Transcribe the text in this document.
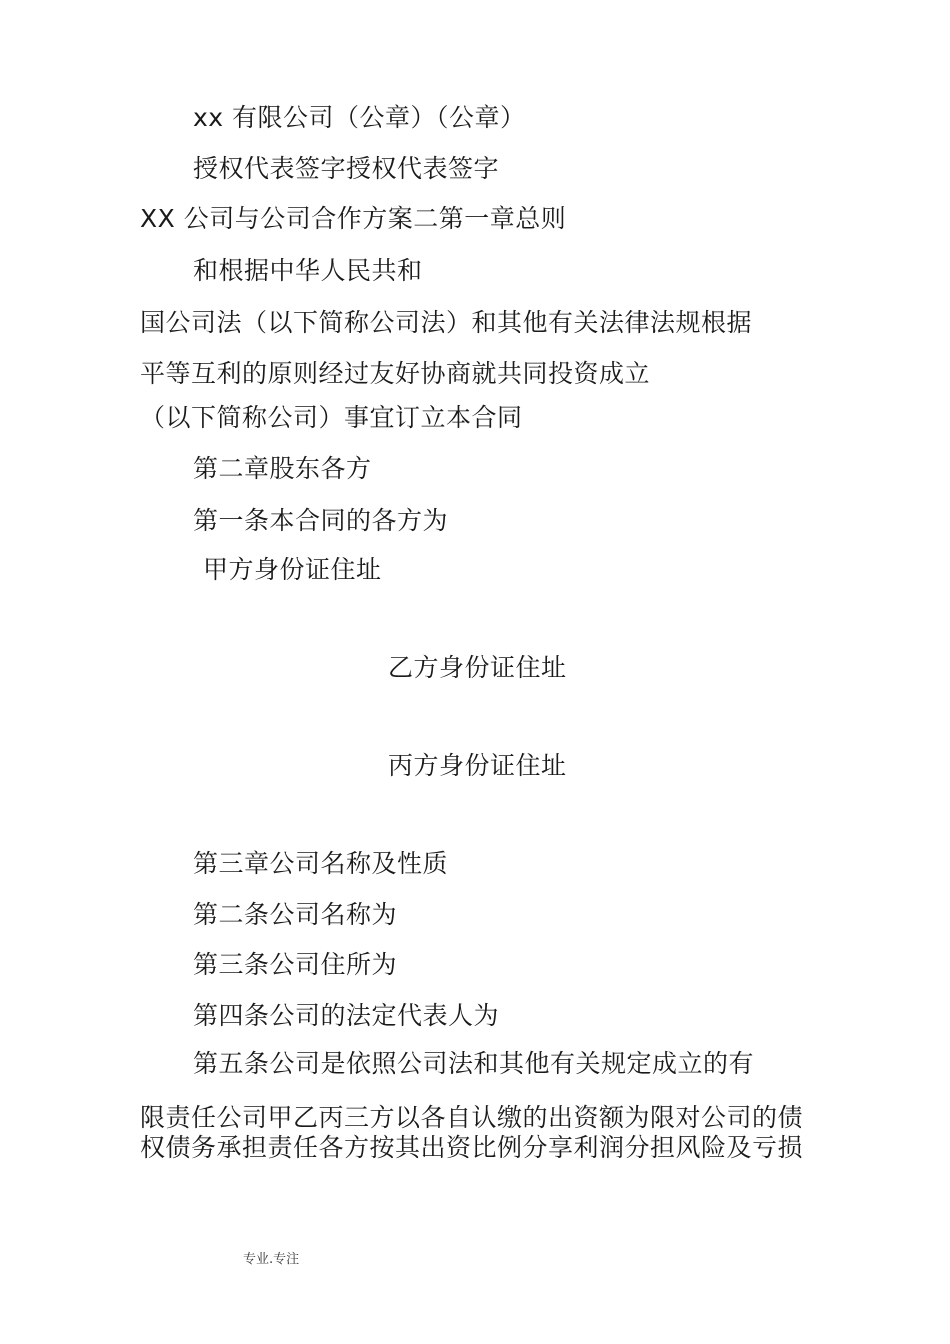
xx 有限公司（公章）（公章）
授权代表签字授权代表签字
XX 公司与公司合作方案二第一章总则
和根据中华人民共和
国公司法（以下简称公司法）和其他有关法律法规根据
平等互利的原则经过友好协商就共同投资成立
（以下简称公司）事宜订立本合同
第二章股东各方
第一条本合同的各方为
甲方身份证住址
乙方身份证住址
丙方身份证住址
第三章公司名称及性质
第二条公司名称为
第三条公司住所为
第四条公司的法定代表人为
第五条公司是依照公司法和其他有关规定成立的有
限责任公司甲乙丙三方以各自认缴的出资额为限对公司的债
权债务承担责任各方按其出资比例分享利润分担风险及亏损
专业.专注
